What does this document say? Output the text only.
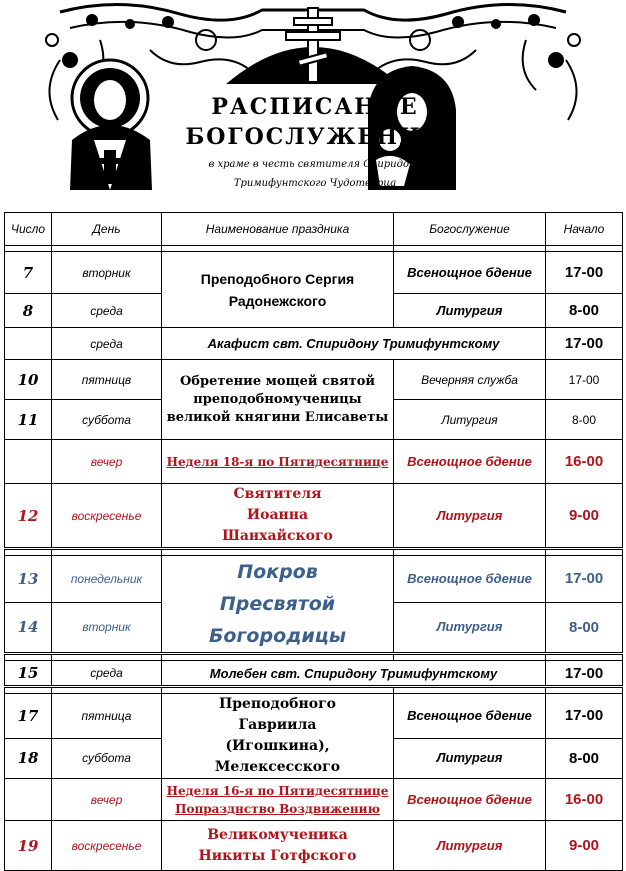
РАСПИСАНИЕ
БОГОСЛУЖЕНИЙ
в храме в честь святителя Спиридона
Тримифунтского Чудотворца
Число	День	Наименование праздника	Богослужение	Начало

7	вторник	Преподобного Сергия Радонежского	Всенощное бдение	17-00
8	среда		Литургия	8-00
	среда	Акафист свт. Спиридону Тримифунтскому		17-00
10	пятницв	Обретение мощей святой преподобномученицы великой княгини Елисаветы	Вечерняя служба	17-00
11	суббота		Литургия	8-00
	вечер	Неделя 18-я по Пятидесятнице	Всенощное бдение	16-00
12	воскресенье	Святителя Иоанна Шанхайского	Литургия	9-00

13	понедельник	Покров Пресвятой Богородицы	Всенощное бдение	17-00
14	вторник		Литургия	8-00

15	среда	Молебен свт. Спиридону Тримифунтскому		17-00

17	пятница	Преподобного Гавриила (Игошкина), Мелексесского	Всенощное бдение	17-00
18	суббота		Литургия	8-00
	вечер	Неделя 16-я по Пятидесятнице
Попразднство Воздвижению	Всенощное бдение	16-00
19	воскресенье	Великомученика Никиты Готфского	Литургия	9-00
